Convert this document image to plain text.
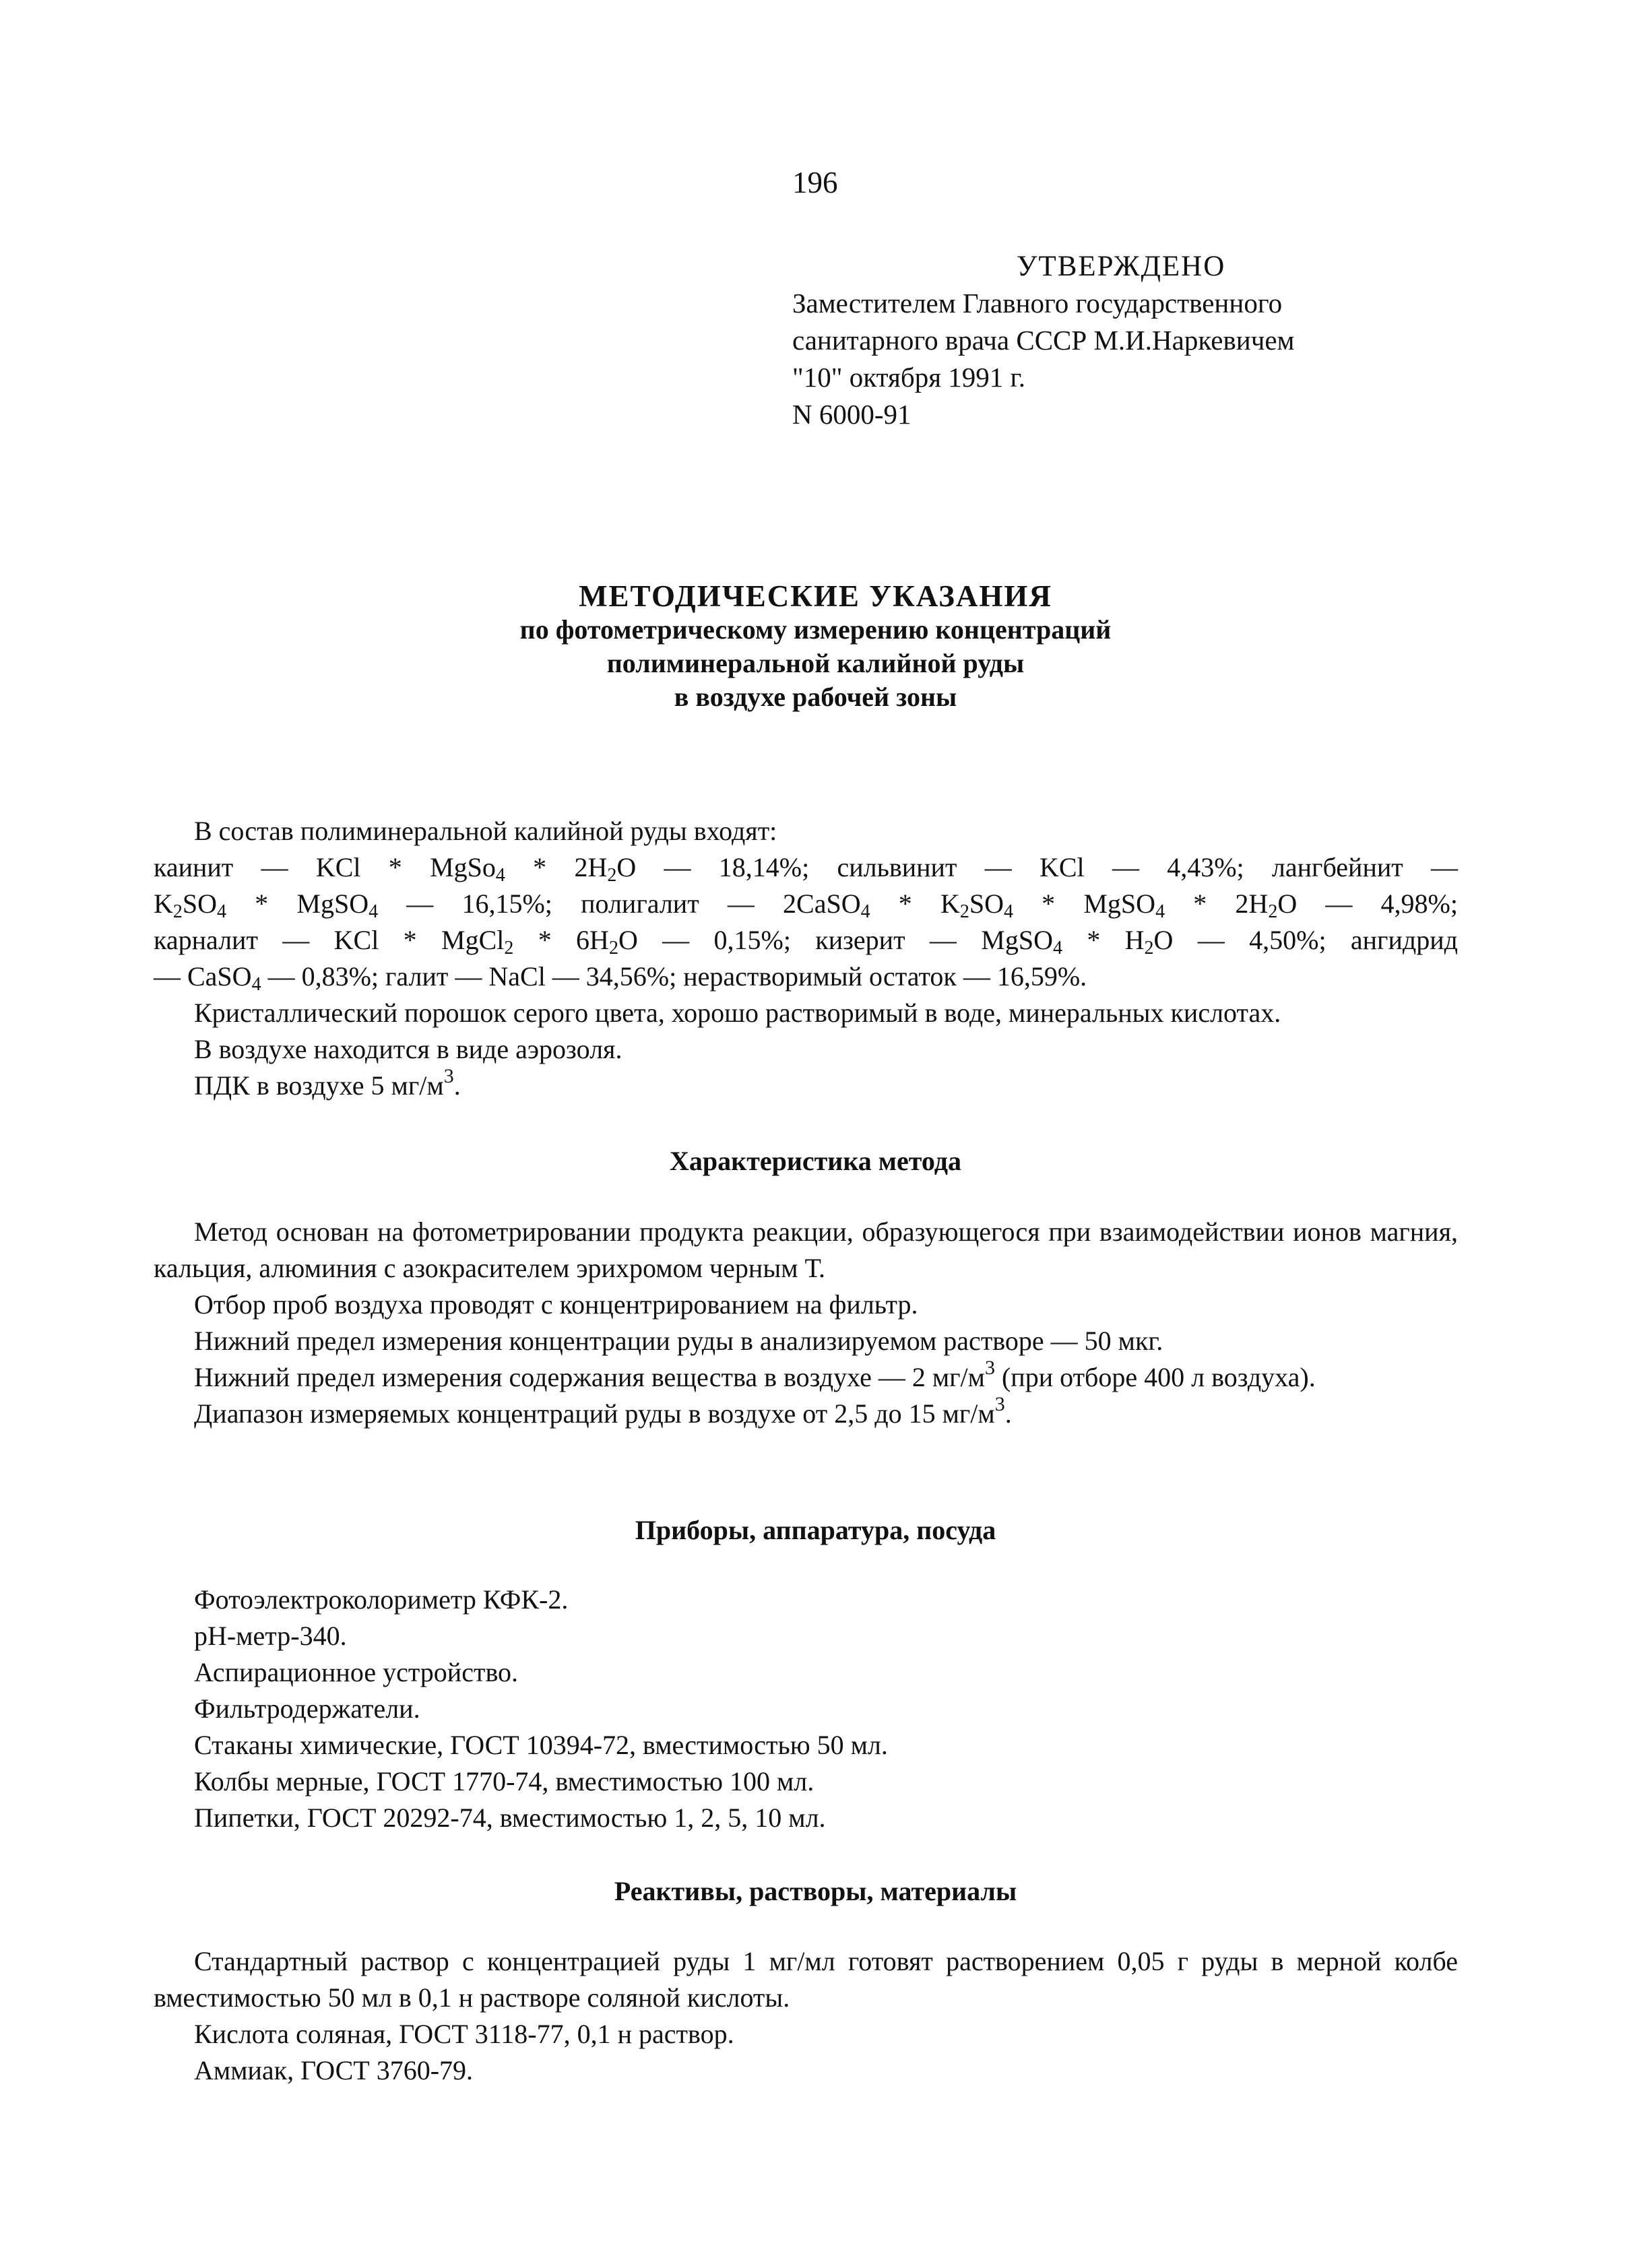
196
УТВЕРЖДЕНО
Заместителем Главного государственного
санитарного врача СССР М.И.Наркевичем
"10" октября 1991 г.
N 6000-91
МЕТОДИЧЕСКИЕ УКАЗАНИЯ
по фотометрическому измерению концентраций
полиминеральной калийной руды
в воздухе рабочей зоны

В состав полиминеральной калийной руды входят:

каинит — KCl * MgSo$_4$ * $2H_2O$ — 18,14%; сильвинит — KCl — 4,43%; лангбейнит —

$K_2SO_4$ * MgSO$_4$ — 16,15%; полигалит — 2CaSO$_4$ * $K_2SO_4$ * MgSO$_4$ * $2H_2O$ — 4,98%;

карналит — KCl * MgCl$_2$ * $6H_2O$ — 0,15%; кизерит — MgSO$_4$ * $H_2O$ — 4,50%; ангидрид

— CaSO$_4$ — 0,83%; галит — NaCl — 34,56%; нерастворимый остаток — 16,59%.

Кристаллический порошок серого цвета, хорошо растворимый в воде, минеральных кислотах.

В воздухе находится в виде аэрозоля.

ПДК в воздухе 5 $мг/м^3$.

Характеристика метода

Метод основан на фотометрировании продукта реакции, образующегося при взаимодействии ионов магния, кальция, алюминия с азокрасителем эрихромом черным Т.

Отбор проб воздуха проводят с концентрированием на фильтр.

Нижний предел измерения концентрации руды в анализируемом растворе — 50 мкг.

Нижний предел измерения содержания вещества в воздухе — 2 $мг/м^3$ (при отборе 400 л воздуха).

Диапазон измеряемых концентраций руды в воздухе от 2,5 до 15 $мг/м^3$.

Приборы, аппаратура, посуда
Фотоэлектроколориметр КФК-2.
pH-метр-340.
Аспирационное устройство.
Фильтродержатели.
Стаканы химические, ГОСТ 10394-72, вместимостью 50 мл.
Колбы мерные, ГОСТ 1770-74, вместимостью 100 мл.
Пипетки, ГОСТ 20292-74, вместимостью 1, 2, 5, 10 мл.
Реактивы, растворы, материалы

Стандартный раствор с концентрацией руды 1 мг/мл готовят растворением 0,05 г руды в мерной колбе вместимостью 50 мл в 0,1 н растворе соляной кислоты.

Кислота соляная, ГОСТ 3118-77, 0,1 н раствор.

Аммиак, ГОСТ 3760-79.
